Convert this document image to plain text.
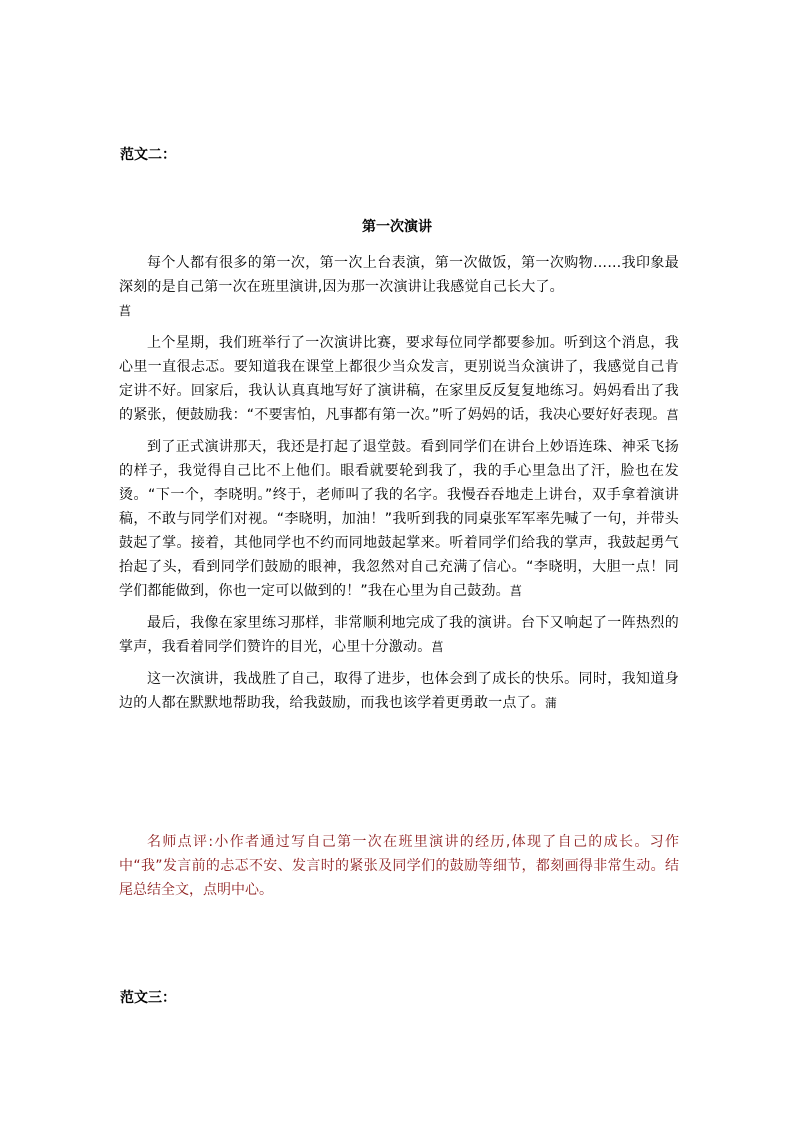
范文二：
第一次演讲

每个人都有很多的第一次，第一次上台表演，第一次做饭，第一次购物……我印象最深刻的是自己第一次在班里演讲,因为那一次演讲让我感觉自己长大了。
菖

上个星期，我们班举行了一次演讲比赛，要求每位同学都要参加。听到这个消息，我心里一直很忐忑。要知道我在课堂上都很少当众发言，更别说当众演讲了，我感觉自己肯定讲不好。回家后，我认认真真地写好了演讲稿，在家里反反复复地练习。妈妈看出了我的紧张，便鼓励我：“不要害怕，凡事都有第一次。”听了妈妈的话，我决心要好好表现。菖

到了正式演讲那天，我还是打起了退堂鼓。看到同学们在讲台上妙语连珠、神采飞扬的样子，我觉得自己比不上他们。眼看就要轮到我了，我的手心里急出了汗，脸也在发烫。“下一个，李晓明。”终于，老师叫了我的名字。我慢吞吞地走上讲台，双手拿着演讲稿，不敢与同学们对视。“李晓明，加油！”我听到我的同桌张军军率先喊了一句，并带头鼓起了掌。接着，其他同学也不约而同地鼓起掌来。听着同学们给我的掌声，我鼓起勇气抬起了头，看到同学们鼓励的眼神，我忽然对自己充满了信心。“李晓明，大胆一点！同学们都能做到，你也一定可以做到的！”我在心里为自己鼓劲。菖

最后，我像在家里练习那样，非常顺利地完成了我的演讲。台下又响起了一阵热烈的掌声，我看着同学们赞许的目光，心里十分激动。菖

这一次演讲，我战胜了自己，取得了进步，也体会到了成长的快乐。同时，我知道身边的人都在默默地帮助我，给我鼓励，而我也该学着更勇敢一点了。蒲

名师点评:小作者通过写自己第一次在班里演讲的经历,体现了自己的成长。习作中“我”发言前的忐忑不安、发言时的紧张及同学们的鼓励等细节，都刻画得非常生动。结尾总结全文，点明中心。
范文三：
